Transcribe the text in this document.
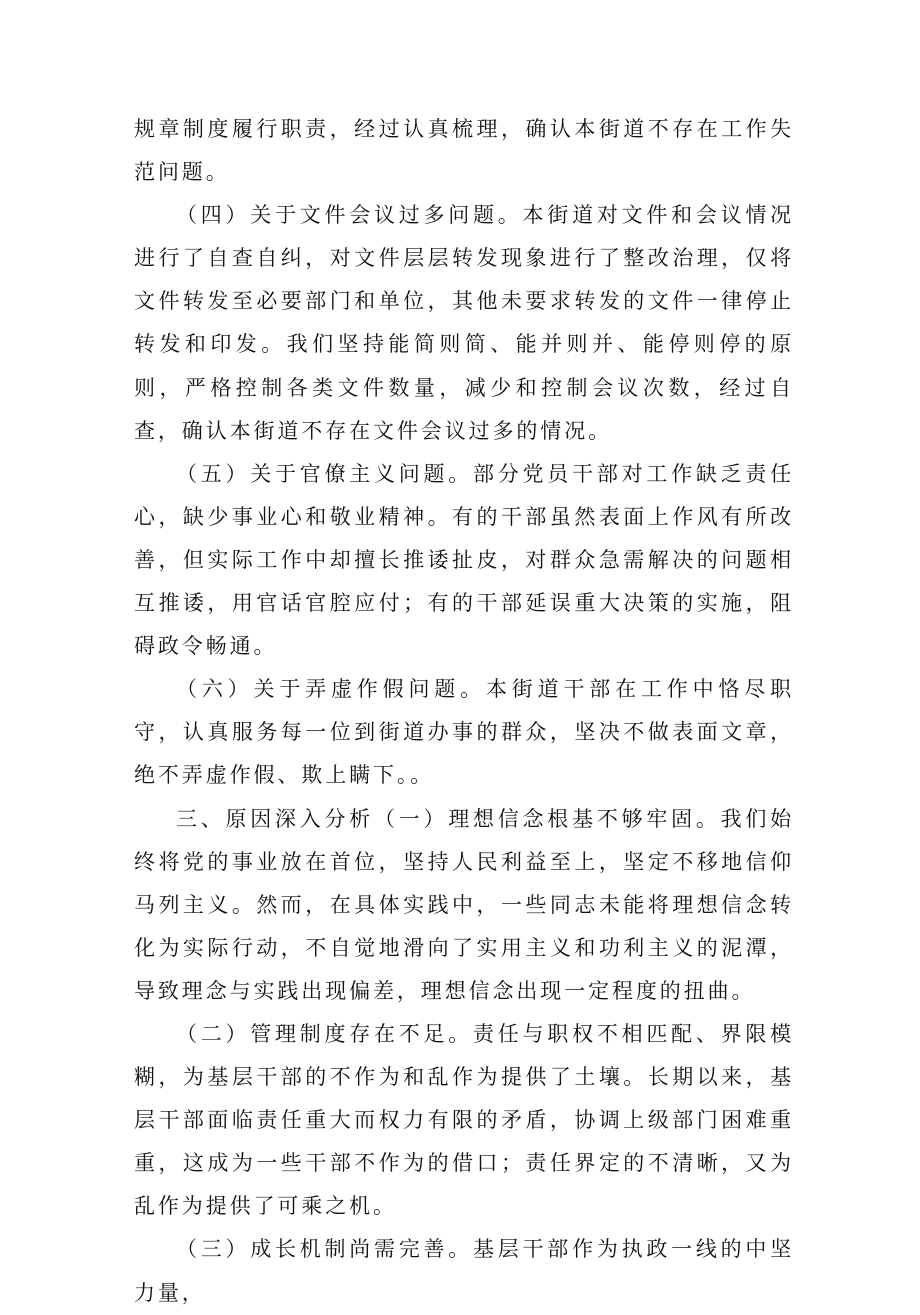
规章制度履行职责，经过认真梳理，确认本街道不存在工作失范问题。

（四）关于文件会议过多问题。本街道对文件和会议情况进行了自查自纠，对文件层层转发现象进行了整改治理，仅将文件转发至必要部门和单位，其他未要求转发的文件一律停止转发和印发。我们坚持能简则简、能并则并、能停则停的原则，严格控制各类文件数量，减少和控制会议次数，经过自查，确认本街道不存在文件会议过多的情况。

（五）关于官僚主义问题。部分党员干部对工作缺乏责任心，缺少事业心和敬业精神。有的干部虽然表面上作风有所改善，但实际工作中却擅长推诿扯皮，对群众急需解决的问题相互推诿，用官话官腔应付；有的干部延误重大决策的实施，阻碍政令畅通。

（六）关于弄虚作假问题。本街道干部在工作中恪尽职守，认真服务每一位到街道办事的群众，坚决不做表面文章，绝不弄虚作假、欺上瞒下。。

三、原因深入分析（一）理想信念根基不够牢固。我们始终将党的事业放在首位，坚持人民利益至上，坚定不移地信仰马列主义。然而，在具体实践中，一些同志未能将理想信念转化为实际行动，不自觉地滑向了实用主义和功利主义的泥潭，导致理念与实践出现偏差，理想信念出现一定程度的扭曲。

（二）管理制度存在不足。责任与职权不相匹配、界限模糊，为基层干部的不作为和乱作为提供了土壤。长期以来，基层干部面临责任重大而权力有限的矛盾，协调上级部门困难重重，这成为一些干部不作为的借口；责任界定的不清晰，又为乱作为提供了可乘之机。

（三）成长机制尚需完善。基层干部作为执政一线的中坚力量，
